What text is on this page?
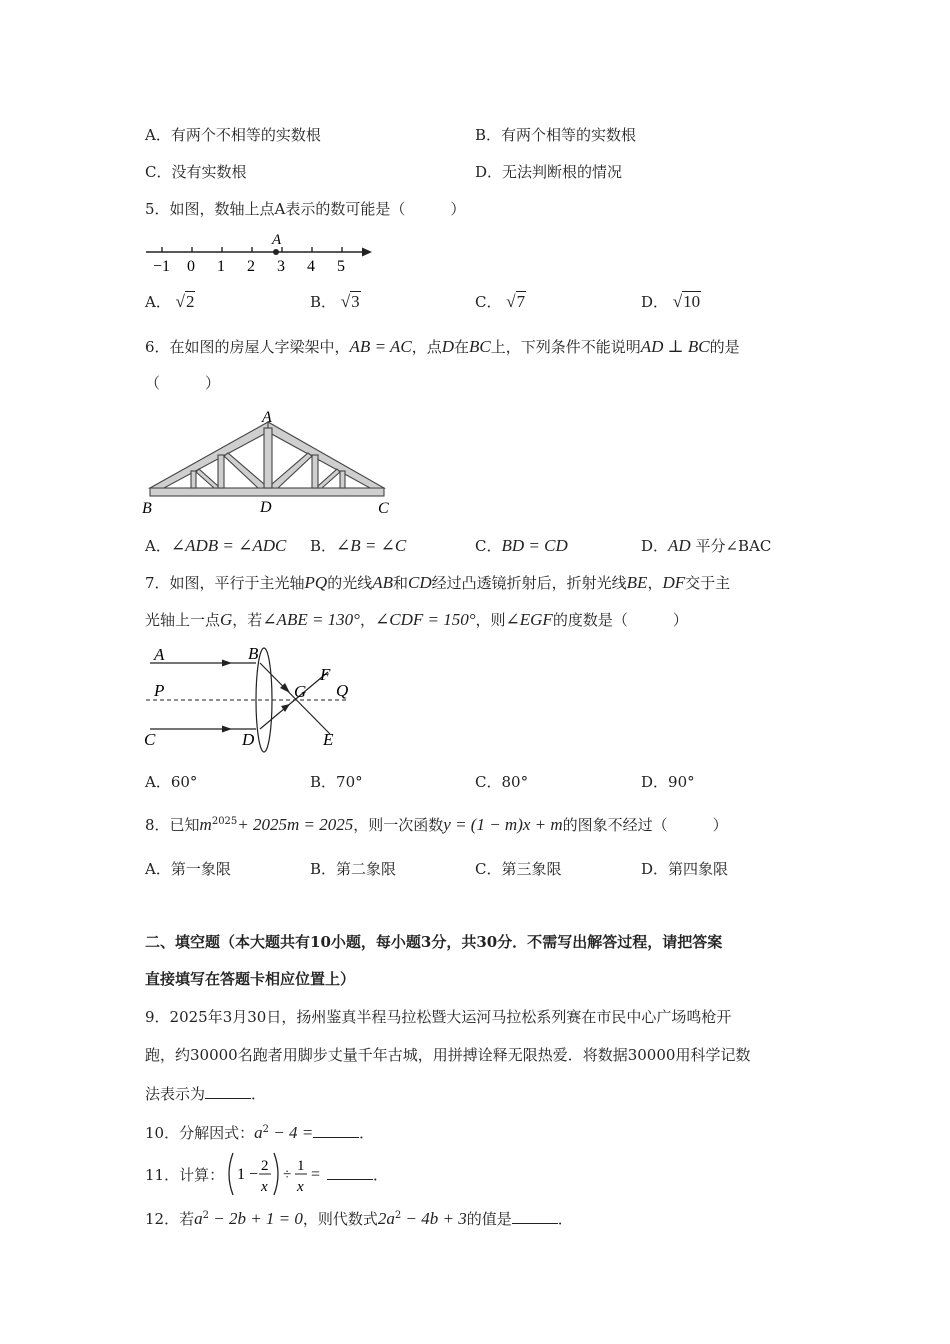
A．有两个不相等的实数根	B．有两个相等的实数根
C．没有实数根	D．无法判断根的情况
5．如图，数轴上点A表示的数可能是（　　　）
A
−1 0 1 2 3 4 5
A． √2	B． √3	C． √7	D． √10
6．在如图的房屋人字梁架中，AB = AC，点D在BC上，下列条件不能说明AD ⊥ BC的是
（　　　）
A
B	D	C
A．∠ADB = ∠ADC B．∠B = ∠C	C．BD = CD	D．AD 平分∠BAC
7．如图，平行于主光轴PQ的光线AB和CD经过凸透镜折射后，折射光线BE，DF交于主
光轴上一点G，若∠ABE = 130°，∠CDF = 150°，则∠EGF的度数是（　　　）
A	B
P	G
F
Q
C	D	E
A．60°	B．70°	C．80°	D．90°
8．已知$m^{2025}+ 2025m = 2025$，则一次函数y = (1 − m)x + m的图象不经过（　　　）
A．第一象限	B．第二象限	C．第三象限	D．第四象限
二、填空题（本大题共有10小题，每小题3分，共30分．不需写出解答过程，请把答案
直接填写在答题卡相应位置上）
9．2025年3月30日，扬州鉴真半程马拉松暨大运河马拉松系列赛在市民中心广场鸣枪开
跑，约30000名跑者用脚步丈量千年古城，用拼搏诠释无限热爱．将数据30000用科学记数
法表示为	．
10．分解因式：$a^2 - 4$ =	．
11．计算： 1 − 2
x
÷
1
x
=	．
12．若$a^2 - 2b + 1 = 0$，则代数式$2a^2 - 4b + 3$的值是	．
